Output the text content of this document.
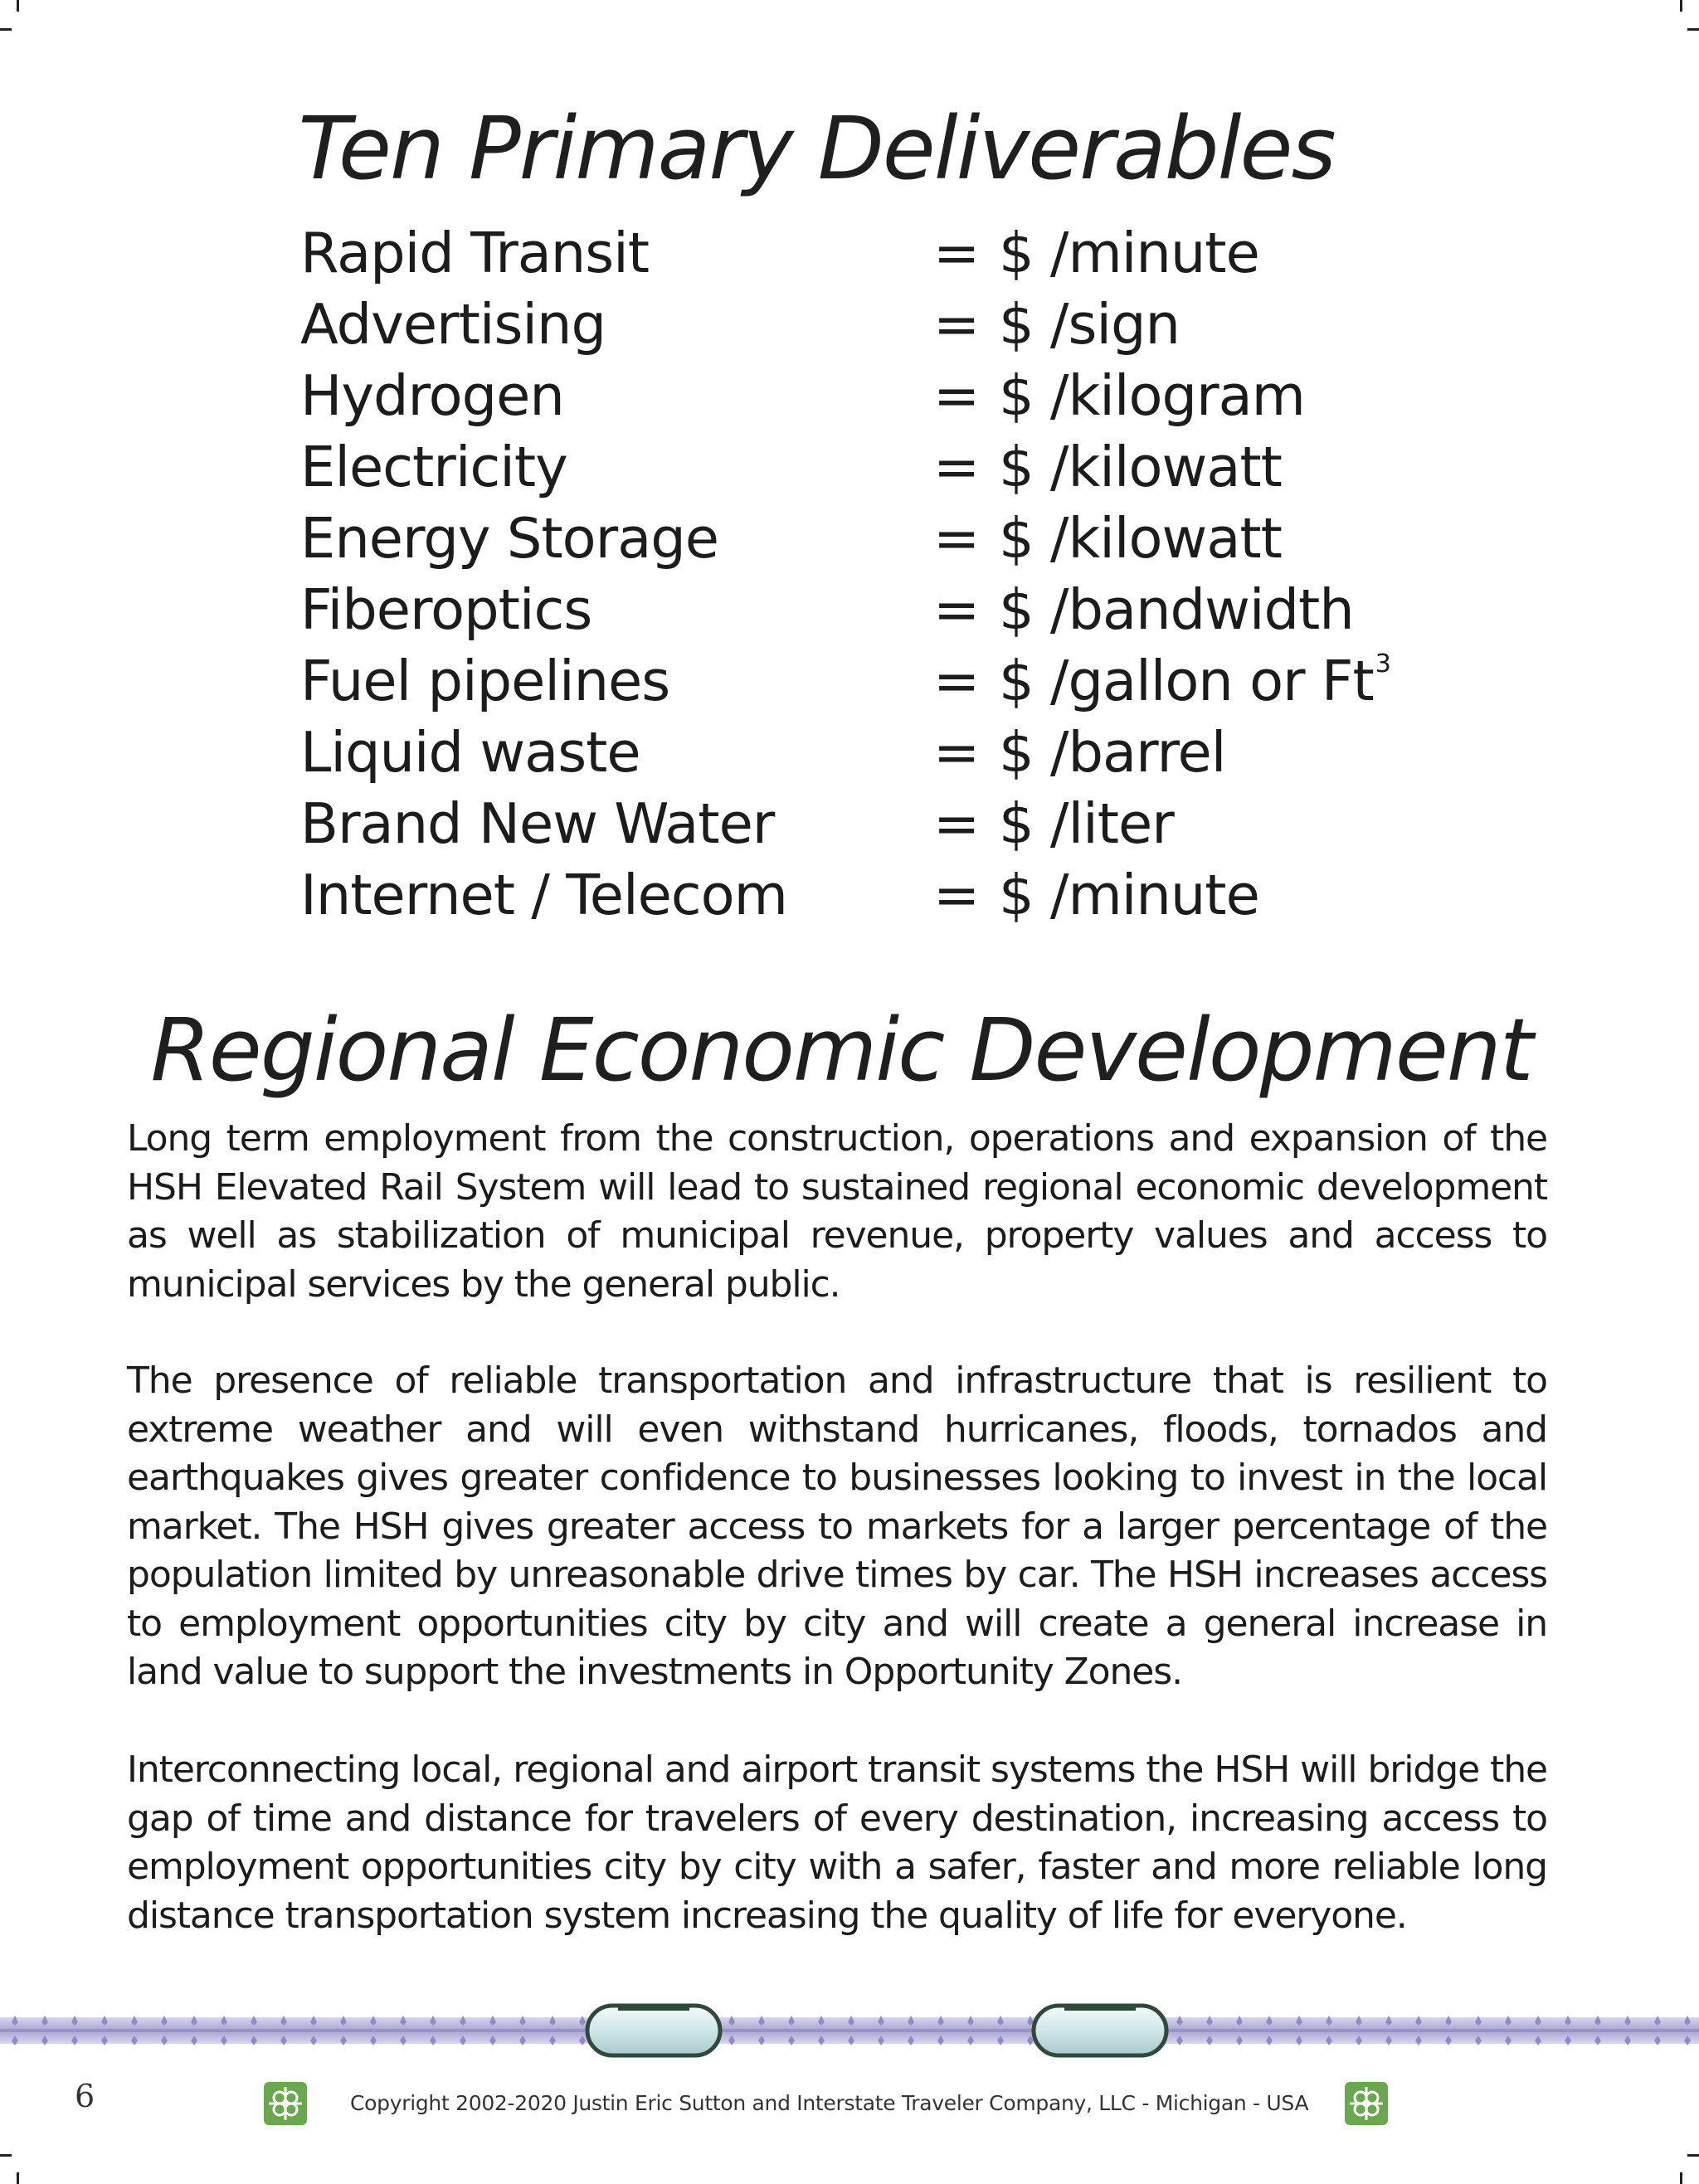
Ten Primary Deliverables
Rapid Transit	= $ /minute
Advertising	= $ /sign
Hydrogen	= $ /kilogram
Electricity	= $ /kilowatt
Energy Storage	= $ /kilowatt
Fiberoptics	= $ /bandwidth
Fuel pipelines	= $ /gallon or Ft$^3$
Liquid waste	= $ /barrel
Brand New Water	= $ /liter
Internet / Telecom	= $ /minute
Regional Economic Development

Long term employment from the construction, operations and expansion of the HSH Elevated Rail System will lead to sustained regional economic development as well as stabilization of municipal revenue, property values and access to municipal services by the general public.

The presence of reliable transportation and infrastructure that is resilient to extreme weather and will even withstand hurricanes, floods, tornados and earthquakes gives greater confidence to businesses looking to invest in the local market. The HSH gives greater access to markets for a larger percentage of the population limited by unreasonable drive times by car. The HSH increases access to employment opportunities city by city and will create a general increase in land value to support the investments in Opportunity Zones.

Interconnecting local, regional and airport transit systems the HSH will bridge the gap of time and distance for travelers of every destination, increasing access to employment opportunities city by city with a safer, faster and more reliable long distance transportation system increasing the quality of life for everyone.

6	Copyright 2002-2020 Justin Eric Sutton and Interstate Traveler Company, LLC - Michigan - USA
